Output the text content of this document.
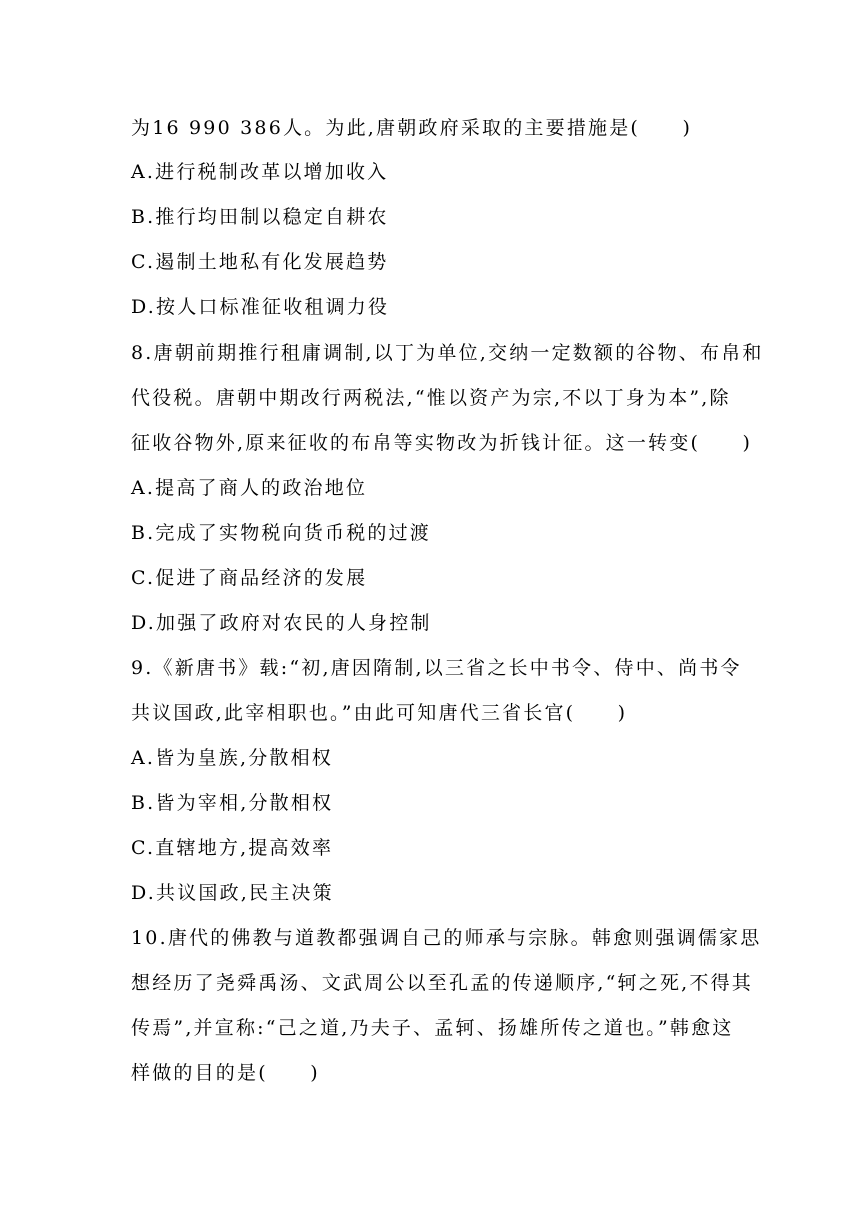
为16 990 386人。为此,唐朝政府采取的主要措施是(　　)
A.进行税制改革以增加收入
B.推行均田制以稳定自耕农
C.遏制土地私有化发展趋势
D.按人口标准征收租调力役
8.唐朝前期推行租庸调制,以丁为单位,交纳一定数额的谷物、布帛和
代役税。唐朝中期改行两税法,“惟以资产为宗,不以丁身为本”,除
征收谷物外,原来征收的布帛等实物改为折钱计征。这一转变(　　)
A.提高了商人的政治地位
B.完成了实物税向货币税的过渡
C.促进了商品经济的发展
D.加强了政府对农民的人身控制
9.《新唐书》载:“初,唐因隋制,以三省之长中书令、侍中、尚书令
共议国政,此宰相职也。”由此可知唐代三省长官(　　)
A.皆为皇族,分散相权
B.皆为宰相,分散相权
C.直辖地方,提高效率
D.共议国政,民主决策
10.唐代的佛教与道教都强调自己的师承与宗脉。韩愈则强调儒家思
想经历了尧舜禹汤、文武周公以至孔孟的传递顺序,“轲之死,不得其
传焉”,并宣称:“己之道,乃夫子、孟轲、扬雄所传之道也。”韩愈这
样做的目的是(　　)
